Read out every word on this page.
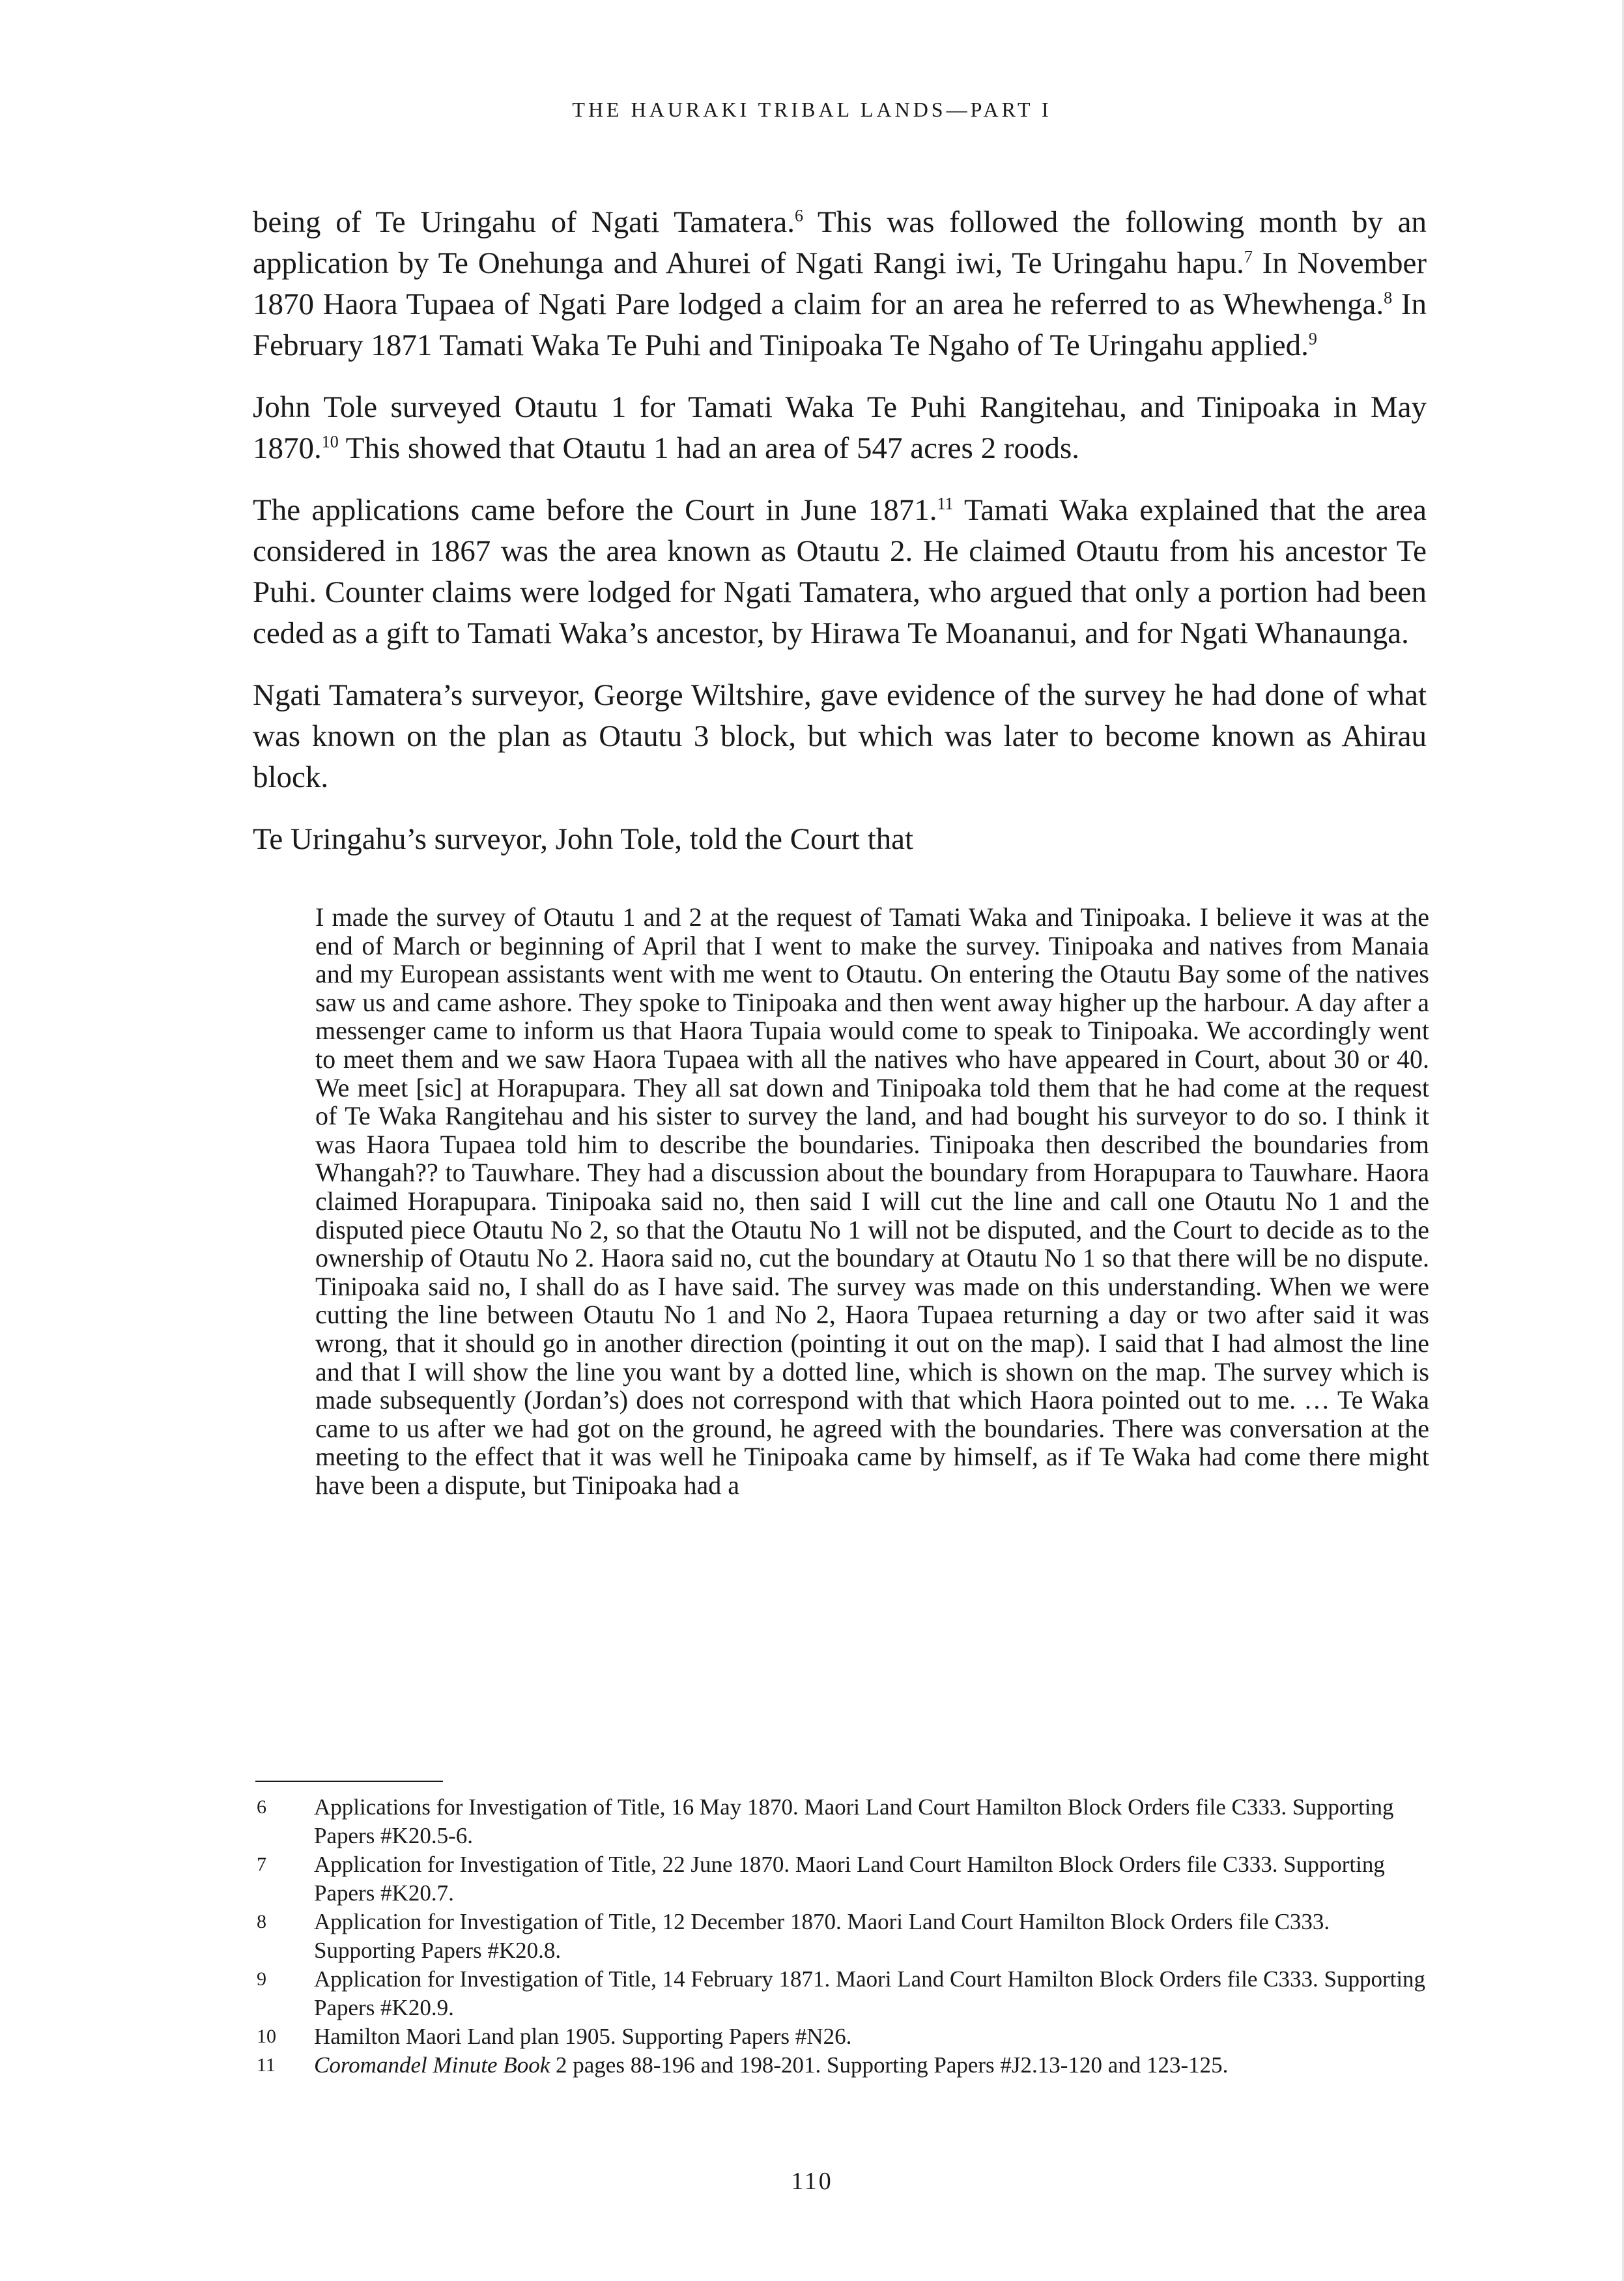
THE HAURAKI TRIBAL LANDS—PART I

being of Te Uringahu of Ngati Tamatera.$^6$ This was followed the following month by an application by Te Onehunga and Ahurei of Ngati Rangi iwi, Te Uringahu hapu.$^7$ In November 1870 Haora Tupaea of Ngati Pare lodged a claim for an area he referred to as Whewhenga.$^8$ In February 1871 Tamati Waka Te Puhi and Tinipoaka Te Ngaho of Te Uringahu applied.$^9$

John Tole surveyed Otautu 1 for Tamati Waka Te Puhi Rangitehau, and Tinipoaka in May 1870.10 This showed that Otautu 1 had an area of 547 acres 2 roods.

The applications came before the Court in June 1871.11 Tamati Waka explained that the area considered in 1867 was the area known as Otautu 2. He claimed Otautu from his ancestor Te Puhi. Counter claims were lodged for Ngati Tamatera, who argued that only a portion had been ceded as a gift to Tamati Waka’s ancestor, by Hirawa Te Moananui, and for Ngati Whanaunga.

Ngati Tamatera’s surveyor, George Wiltshire, gave evidence of the survey he had done of what was known on the plan as Otautu 3 block, but which was later to become known as Ahirau block.

Te Uringahu’s surveyor, John Tole, told the Court that

I made the survey of Otautu 1 and 2 at the request of Tamati Waka and Tinipoaka. I believe it was at the end of March or beginning of April that I went to make the survey. Tinipoaka and natives from Manaia and my European assistants went with me went to Otautu. On entering the Otautu Bay some of the natives saw us and came ashore. They spoke to Tinipoaka and then went away higher up the harbour. A day after a messenger came to inform us that Haora Tupaia would come to speak to Tinipoaka. We accordingly went to meet them and we saw Haora Tupaea with all the natives who have appeared in Court, about 30 or 40. We meet [sic] at Horapupara. They all sat down and Tinipoaka told them that he had come at the request of Te Waka Rangitehau and his sister to survey the land, and had bought his surveyor to do so. I think it was Haora Tupaea told him to describe the boundaries. Tinipoaka then described the boundaries from Whangah?? to Tauwhare. They had a discussion about the boundary from Horapupara to Tauwhare. Haora claimed Horapupara. Tinipoaka said no, then said I will cut the line and call one Otautu No 1 and the disputed piece Otautu No 2, so that the Otautu No 1 will not be disputed, and the Court to decide as to the ownership of Otautu No 2. Haora said no, cut the boundary at Otautu No 1 so that there will be no dispute. Tinipoaka said no, I shall do as I have said. The survey was made on this understanding. When we were cutting the line between Otautu No 1 and No 2, Haora Tupaea returning a day or two after said it was wrong, that it should go in another direction (pointing it out on the map). I said that I had almost the line and that I will show the line you want by a dotted line, which is shown on the map. The survey which is made subsequently (Jordan’s) does not correspond with that which Haora pointed out to me. … Te Waka came to us after we had got on the ground, he agreed with the boundaries. There was conversation at the meeting to the effect that it was well he Tinipoaka came by himself, as if Te Waka had come there might have been a dispute, but Tinipoaka had a

6	Applications for Investigation of Title, 16 May 1870. Maori Land Court Hamilton Block Orders file C333. Supporting Papers #K20.5-6.
7	Application for Investigation of Title, 22 June 1870. Maori Land Court Hamilton Block Orders file C333. Supporting Papers #K20.7.
8	Application for Investigation of Title, 12 December 1870. Maori Land Court Hamilton Block Orders file C333. Supporting Papers #K20.8.
9	Application for Investigation of Title, 14 February 1871. Maori Land Court Hamilton Block Orders file C333. Supporting Papers #K20.9.
10	Hamilton Maori Land plan 1905. Supporting Papers #N26.
11	Coromandel Minute Book 2 pages 88-196 and 198-201. Supporting Papers #J2.13-120 and 123-125.
110
